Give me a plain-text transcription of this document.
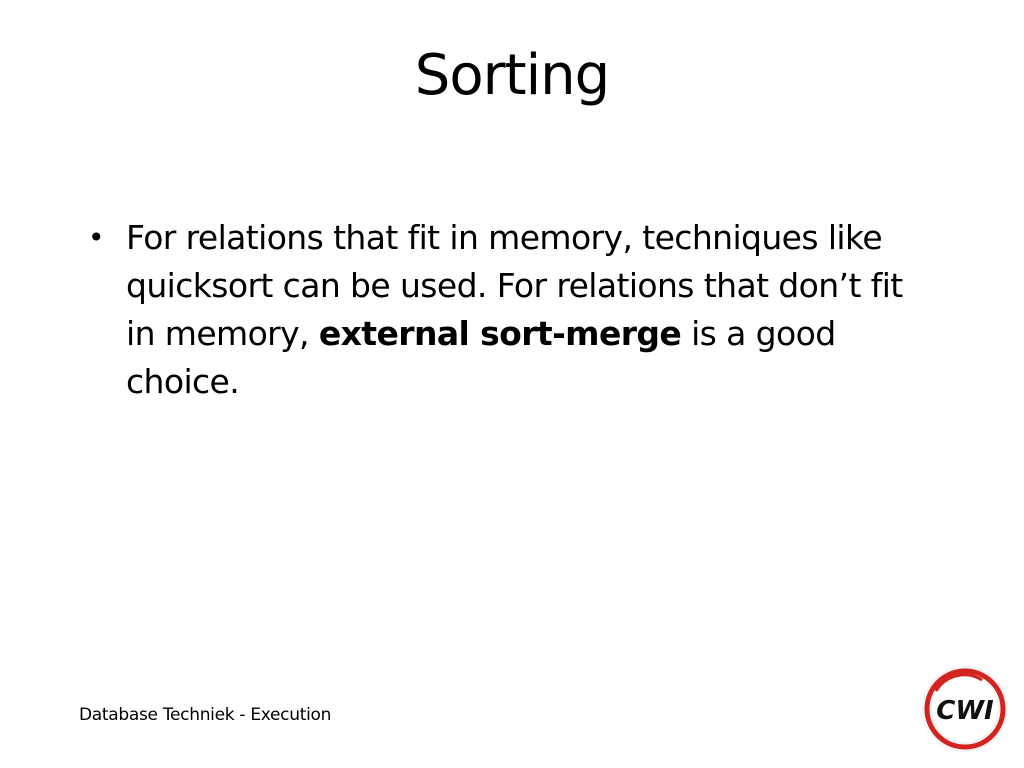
Sorting
• For relations that fit in memory, techniques like quicksort can be used. For relations that don’t fit in memory, external sort-merge is a good choice.
Database Techniek - Execution	CWI
